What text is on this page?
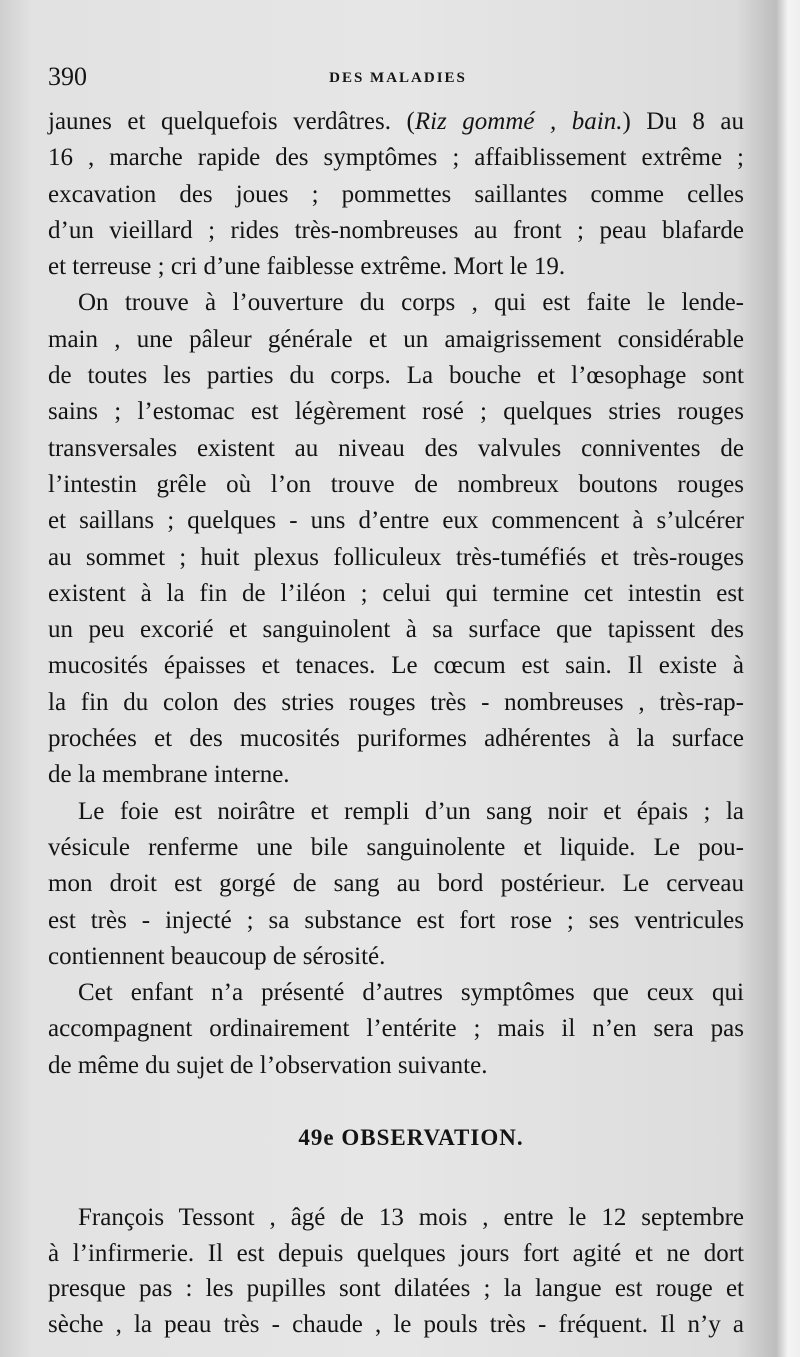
390	DES MALADIES
jaunes et quelquefois verdâtres. (Riz gommé , bain.) Du 8 au
16 , marche rapide des symptômes ; affaiblissement extrême ;
excavation des joues ; pommettes saillantes comme celles
d’un vieillard ; rides très-nombreuses au front ; peau blafarde
et terreuse ; cri d’une faiblesse extrême. Mort le 19.
On trouve à l’ouverture du corps , qui est faite le lende-
main , une pâleur générale et un amaigrissement considérable
de toutes les parties du corps. La bouche et l’œsophage sont
sains ; l’estomac est légèrement rosé ; quelques stries rouges
transversales existent au niveau des valvules conniventes de
l’intestin grêle où l’on trouve de nombreux boutons rouges
et saillans ; quelques - uns d’entre eux commencent à s’ulcérer
au sommet ; huit plexus folliculeux très-tuméfiés et très-rouges
existent à la fin de l’iléon ; celui qui termine cet intestin est
un peu excorié et sanguinolent à sa surface que tapissent des
mucosités épaisses et tenaces. Le cœcum est sain. Il existe à
la fin du colon des stries rouges très - nombreuses , très-rap-
prochées et des mucosités puriformes adhérentes à la surface
de la membrane interne.
Le foie est noirâtre et rempli d’un sang noir et épais ; la
vésicule renferme une bile sanguinolente et liquide. Le pou-
mon droit est gorgé de sang au bord postérieur. Le cerveau
est très - injecté ; sa substance est fort rose ; ses ventricules
contiennent beaucoup de sérosité.
Cet enfant n’a présenté d’autres symptômes que ceux qui
accompagnent ordinairement l’entérite ; mais il n’en sera pas
de même du sujet de l’observation suivante.
49e OBSERVATION.
François Tessont , âgé de 13 mois , entre le 12 septembre
à l’infirmerie. Il est depuis quelques jours fort agité et ne dort
presque pas : les pupilles sont dilatées ; la langue est rouge et
sèche , la peau très - chaude , le pouls très - fréquent. Il n’y a
